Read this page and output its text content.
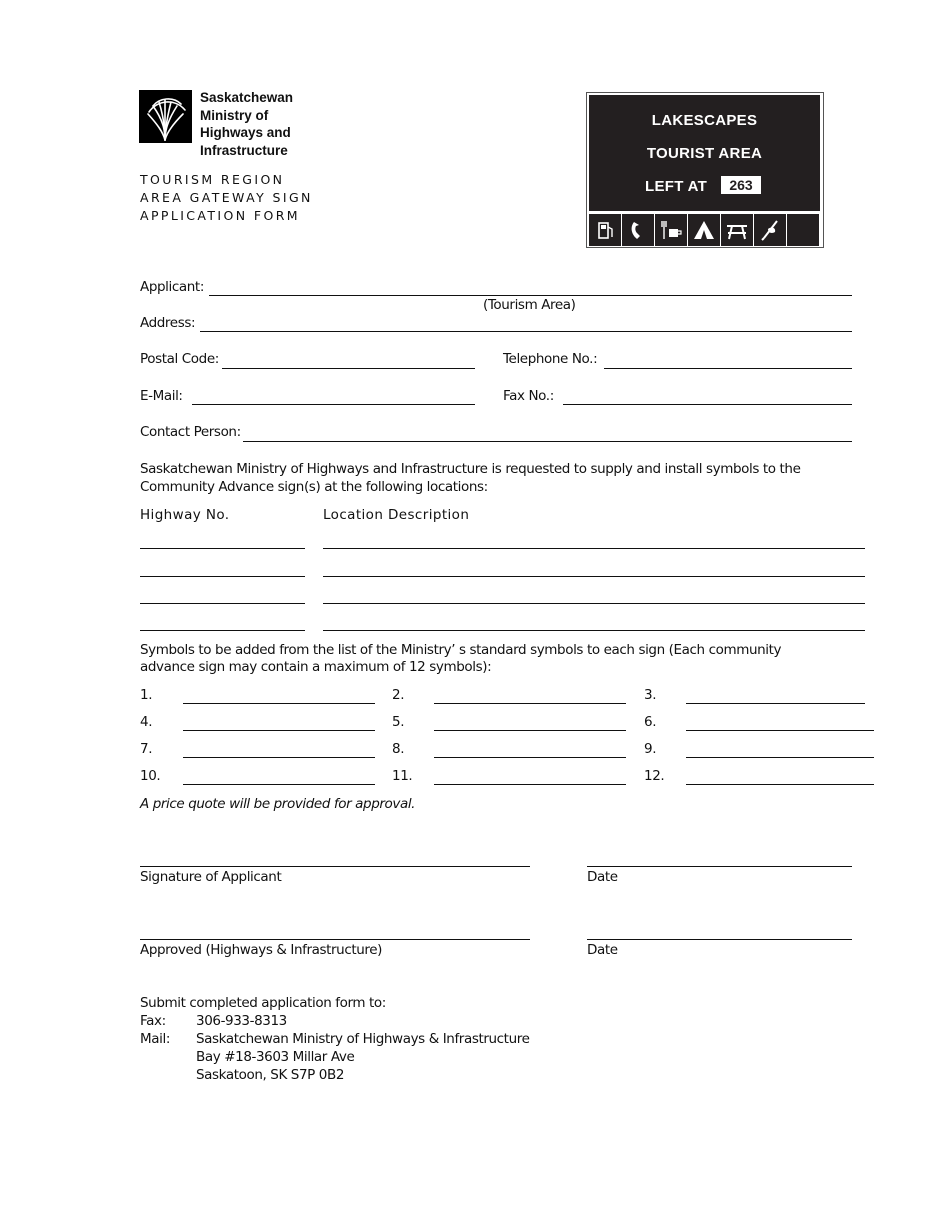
Saskatchewan
Ministry of
Highways and
Infrastructure
TOURISM REGION
AREA GATEWAY SIGN
APPLICATION FORM
LAKESCAPES
TOURIST AREA
LEFT AT	263
Applicant:
(Tourism Area)
Address:
Postal Code:	Telephone No.:
E-Mail:	Fax No.:
Contact Person:
Saskatchewan Ministry of Highways and Infrastructure is requested to supply and install symbols to the
Community Advance sign(s) at the following locations:
Highway No.	Location Description
Symbols to be added from the list of the Ministry’ s standard symbols to each sign (Each community
advance sign may contain a maximum of 12 symbols):
1.	2.	3.
4.	5.	6.
7.	8.	9.
10.	11.	12.
A price quote will be provided for approval.
Signature of Applicant	Date
Approved (Highways & Infrastructure)	Date
Submit completed application form to:
Fax: 306-933-8313
Mail: Saskatchewan Ministry of Highways & Infrastructure
Bay #18-3603 Millar Ave
Saskatoon, SK S7P 0B2
